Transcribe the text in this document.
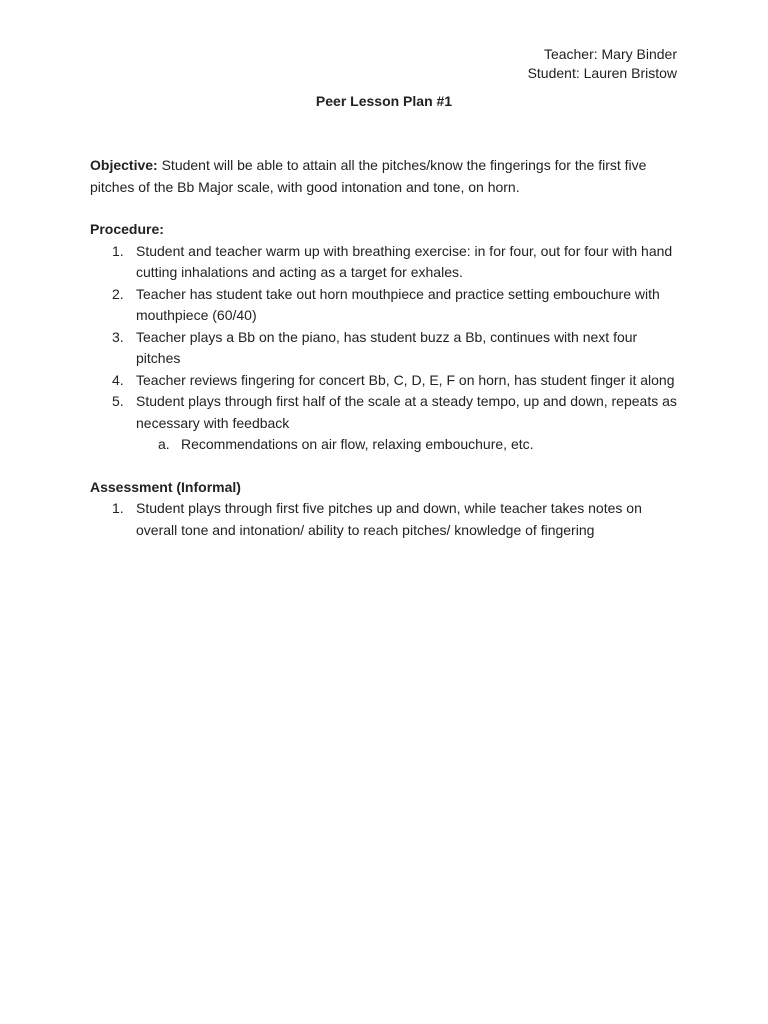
Teacher: Mary Binder
Student: Lauren Bristow
Peer Lesson Plan #1

Objective: Student will be able to attain all the pitches/know the fingerings for the first five pitches of the Bb Major scale, with good intonation and tone, on horn.

Procedure:

1. Student and teacher warm up with breathing exercise: in for four, out for four with hand cutting inhalations and acting as a target for exhales.
2. Teacher has student take out horn mouthpiece and practice setting embouchure with mouthpiece (60/40)
3. Teacher plays a Bb on the piano, has student buzz a Bb, continues with next four pitches
4. Teacher reviews fingering for concert Bb, C, D, E, F on horn, has student finger it along
5. Student plays through first half of the scale at a steady tempo, up and down, repeats as necessary with feedback
a. Recommendations on air flow, relaxing embouchure, etc.

Assessment (Informal)

1. Student plays through first five pitches up and down, while teacher takes notes on overall tone and intonation/ ability to reach pitches/ knowledge of fingering
